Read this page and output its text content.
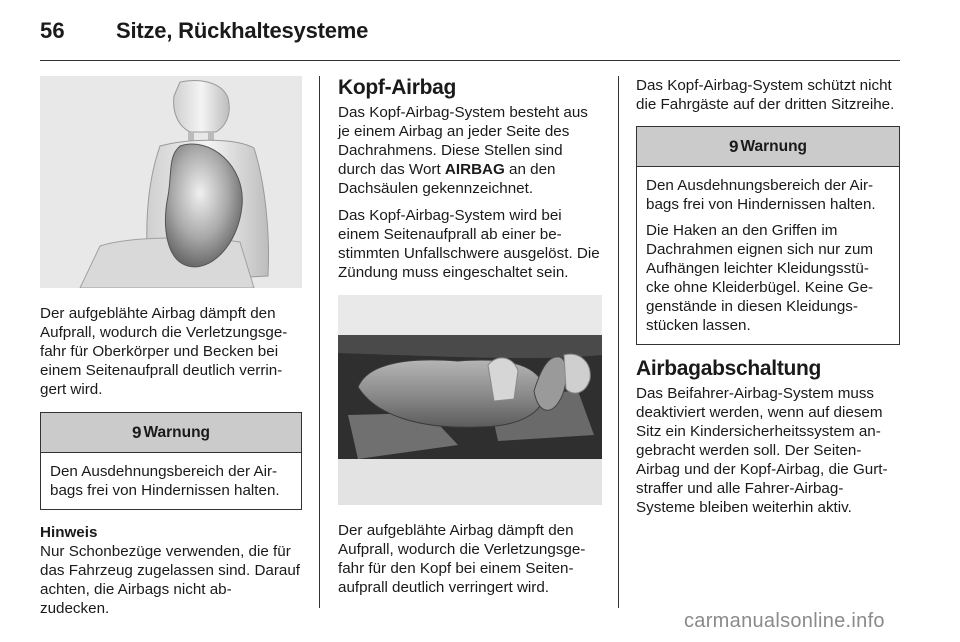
56 Sitze, Rückhaltesysteme

Der aufgeblähte Airbag dämpft den Aufprall, wodurch die Verletzungsge- fahr für Oberkörper und Becken bei einem Seitenaufprall deutlich verrin- gert wird.

9 Warnung

Den Ausdehnungsbereich der Air- bags frei von Hindernissen halten.

Hinweis

Nur Schonbezüge verwenden, die für das Fahrzeug zugelassen sind. Darauf achten, die Airbags nicht ab- zudecken.

Kopf-Airbag

Das Kopf-Airbag-System besteht aus je einem Airbag an jeder Seite des Dachrahmens. Diese Stellen sind durch das Wort AIRBAG an den Dachsäulen gekennzeichnet.

Das Kopf-Airbag-System wird bei einem Seitenaufprall ab einer be- stimmten Unfallschwere ausgelöst. Die Zündung muss eingeschaltet sein.

Der aufgeblähte Airbag dämpft den Aufprall, wodurch die Verletzungsge- fahr für den Kopf bei einem Seiten- aufprall deutlich verringert wird.

Das Kopf-Airbag-System schützt nicht die Fahrgäste auf der dritten Sitzreihe.

9 Warnung

Den Ausdehnungsbereich der Air- bags frei von Hindernissen halten.

Die Haken an den Griffen im Dachrahmen eignen sich nur zum Aufhängen leichter Kleidungsstü- cke ohne Kleiderbügel. Keine Ge- genstände in diesen Kleidungs- stücken lassen.

Airbagabschaltung

Das Beifahrer-Airbag-System muss deaktiviert werden, wenn auf diesem Sitz ein Kindersicherheitssystem an- gebracht werden soll. Der Seiten- Airbag und der Kopf-Airbag, die Gurt- straffer und alle Fahrer-Airbag- Systeme bleiben weiterhin aktiv.

carmanualsonline.info
